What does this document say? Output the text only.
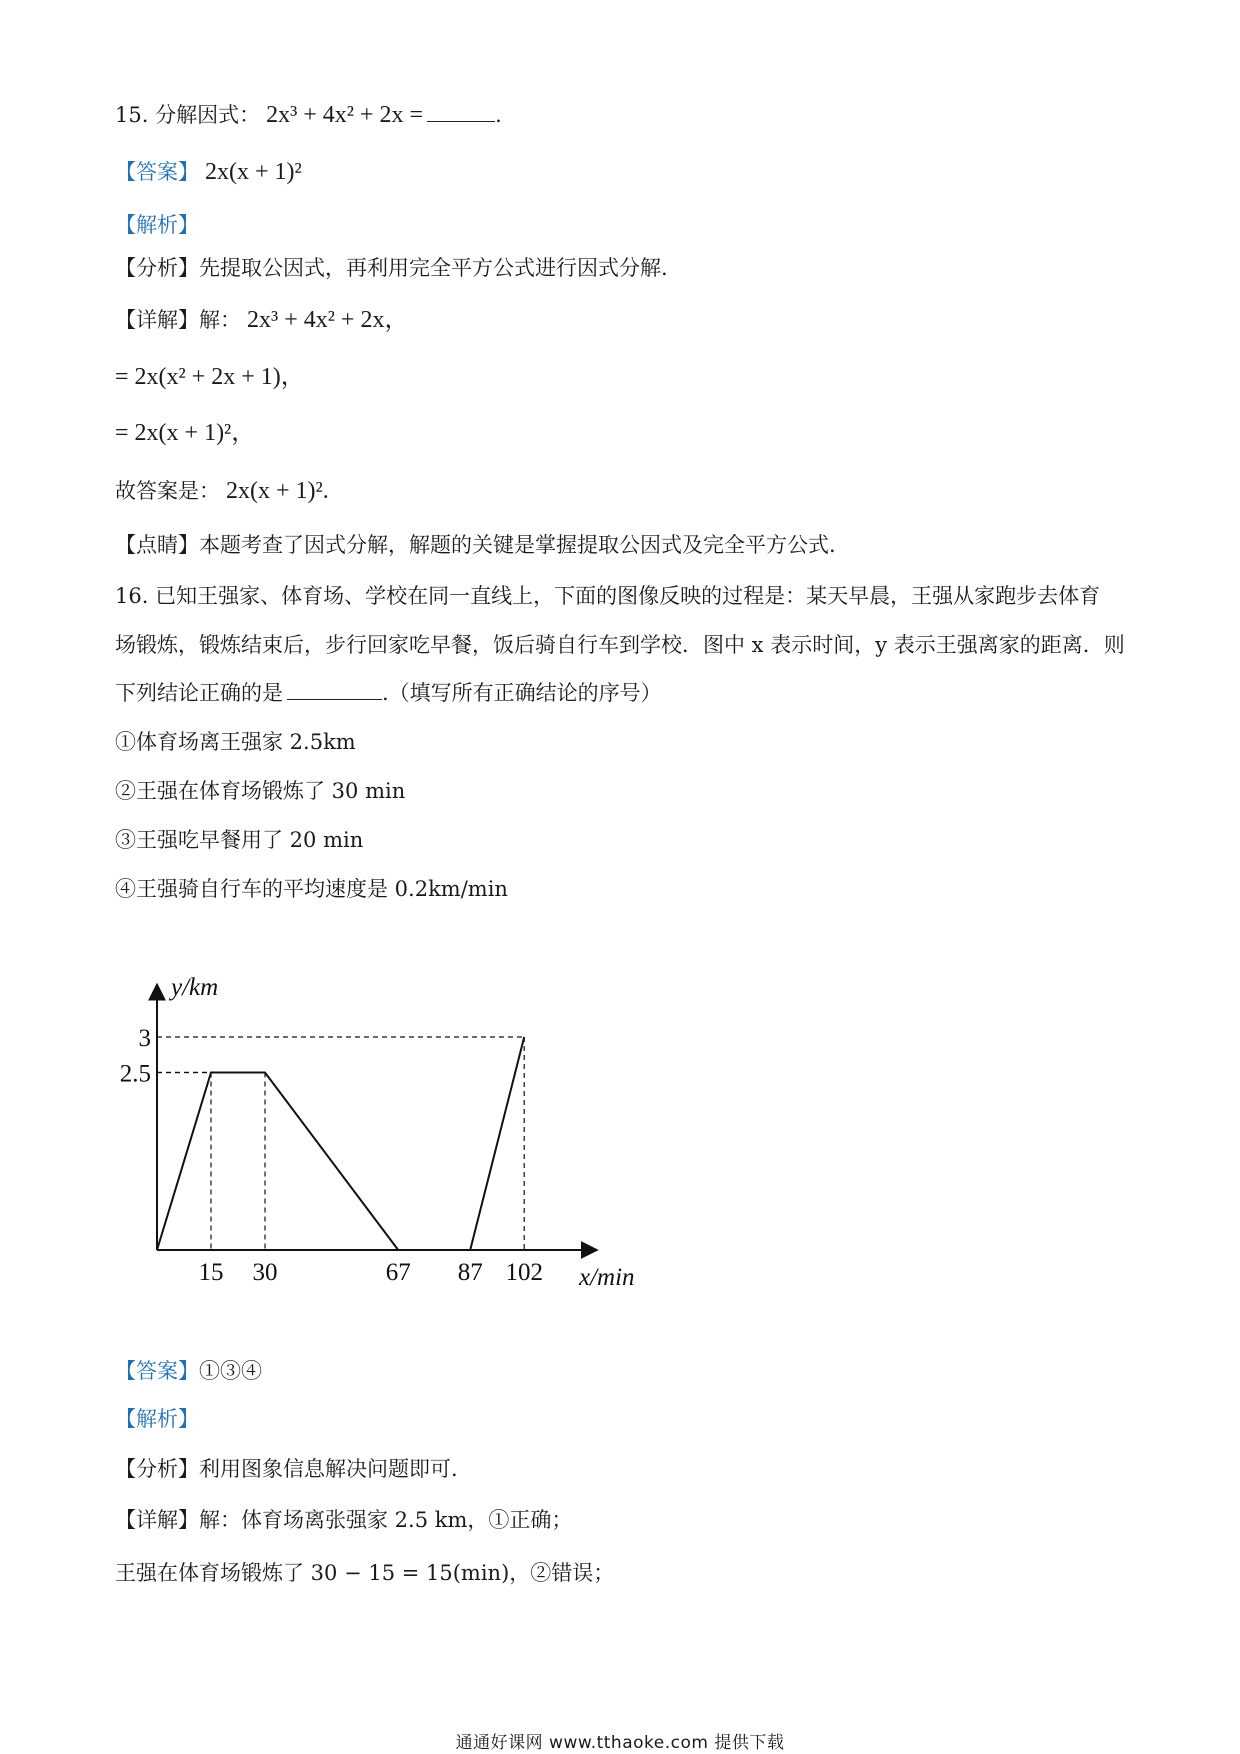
15. 分解因式： 2x³ + 4x² + 2x =	.
【答案】 2x(x + 1)²
【解析】
【分析】先提取公因式，再利用完全平方公式进行因式分解.
【详解】解： 2x³ + 4x² + 2x，
= 2x(x² + 2x + 1)，
= 2x(x + 1)²，
故答案是： 2x(x + 1)².
【点睛】本题考查了因式分解，解题的关键是掌握提取公因式及完全平方公式.
16. 已知王强家、体育场、学校在同一直线上，下面的图像反映的过程是：某天早晨，王强从家跑步去体育
场锻炼，锻炼结束后，步行回家吃早餐，饭后骑自行车到学校．图中 x 表示时间，y 表示王强离家的距离．则
下列结论正确的是	.（填写所有正确结论的序号）
①体育场离王强家 2.5km
②王强在体育场锻炼了 30 min
③王强吃早餐用了 20 min
④王强骑自行车的平均速度是 0.2km/min
15 30	67 87 102
2.5
3
y/km
x/min
【答案】①③④
【解析】
【分析】利用图象信息解决问题即可.
【详解】解：体育场离张强家 2.5 km，①正确；
王强在体育场锻炼了 30 − 15 = 15(min)，②错误；
通通好课网 www.tthaoke.com 提供下载
